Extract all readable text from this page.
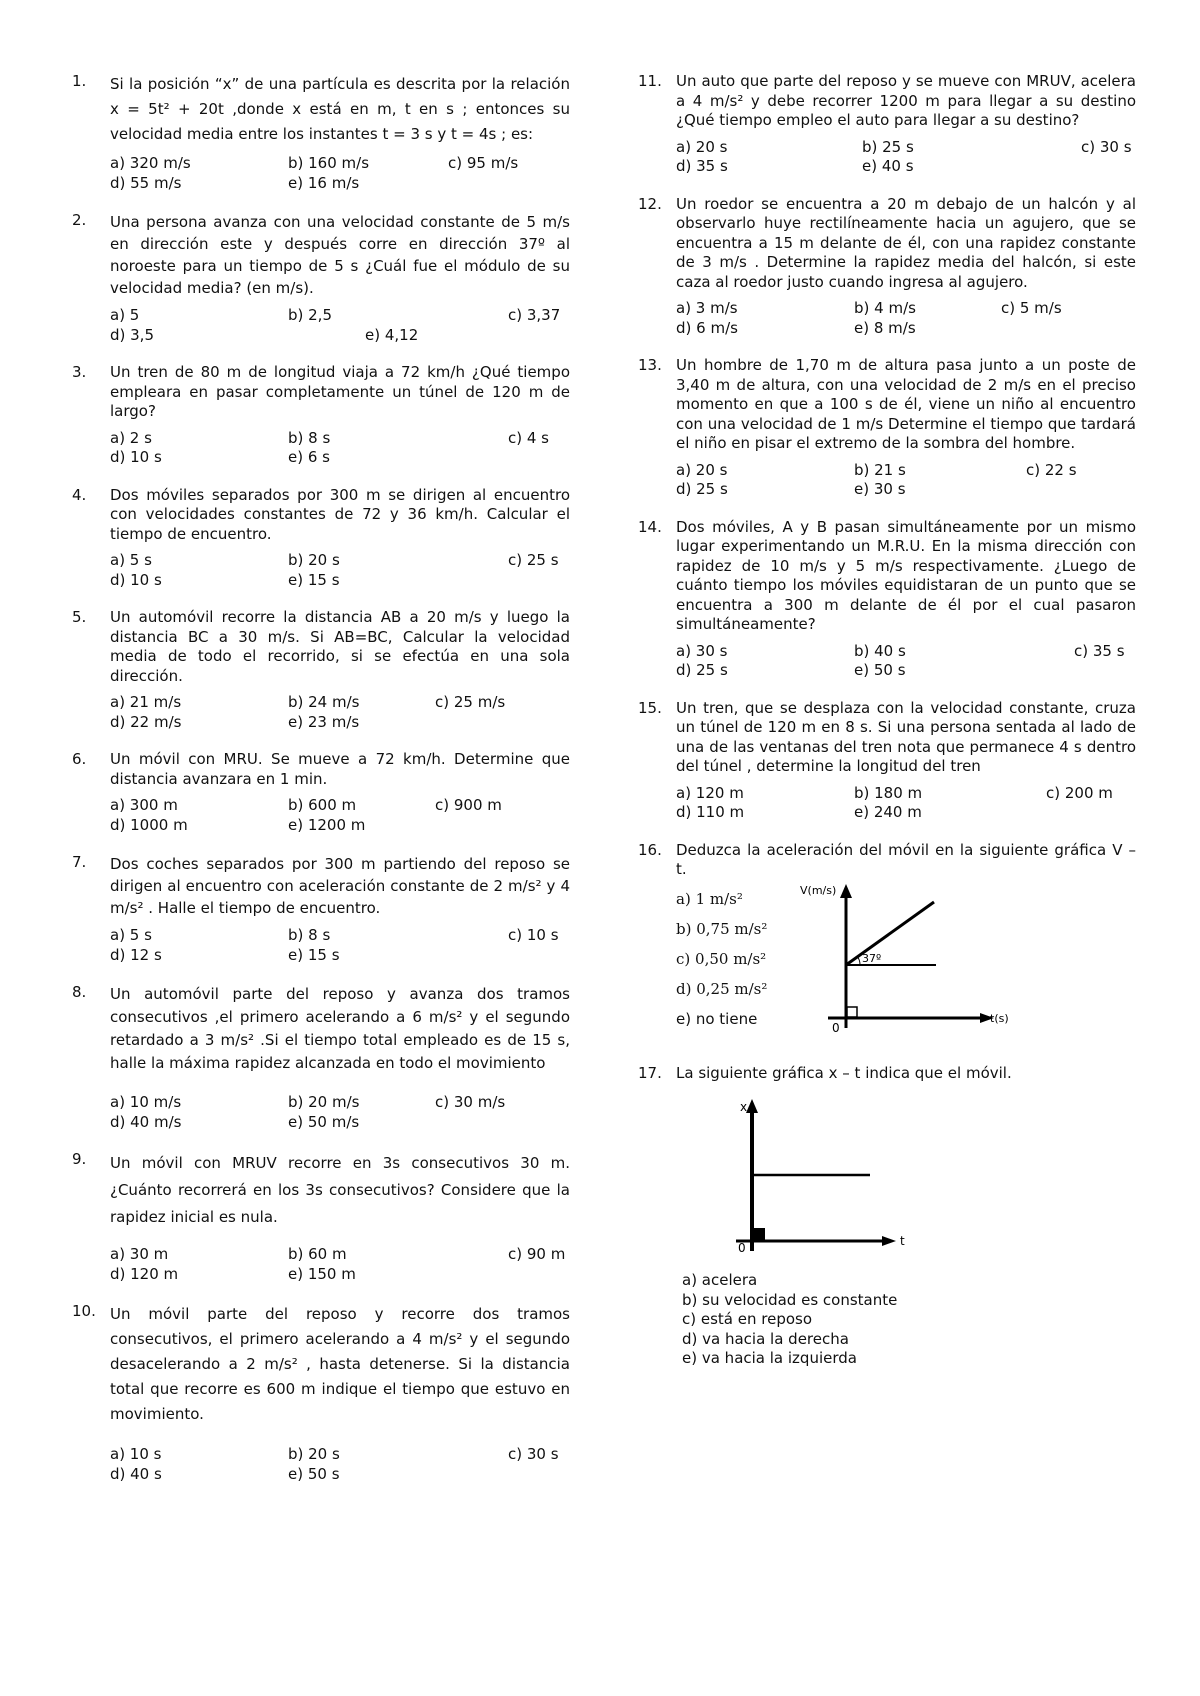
1. Si la posición “x” de una partícula es descrita por la relación x = 5t² + 20t ,donde x está en m, t en s ; entonces su velocidad media entre los instantes t = 3 s y t = 4s ; es:
a) 320 m/s	b) 160 m/s	c) 95 m/s
d) 55 m/s	e) 16 m/s
2. Una persona avanza con una velocidad constante de 5 m/s en dirección este y después corre en dirección 37º al noroeste para un tiempo de 5 s ¿Cuál fue el módulo de su velocidad media? (en m/s).
a) 5	b) 2,5	c) 3,37
d) 3,5	e) 4,12
3. Un tren de 80 m de longitud viaja a 72 km/h ¿Qué tiempo empleara en pasar completamente un túnel de 120 m de largo?
a) 2 s	b) 8 s	c) 4 s
d) 10 s	e) 6 s
4. Dos móviles separados por 300 m se dirigen al encuentro con velocidades constantes de 72 y 36 km/h. Calcular el tiempo de encuentro.
a) 5 s	b) 20 s	c) 25 s
d) 10 s	e) 15 s
5. Un automóvil recorre la distancia AB a 20 m/s y luego la distancia BC a 30 m/s. Si AB=BC, Calcular la velocidad media de todo el recorrido, si se efectúa en una sola dirección.
a) 21 m/s	b) 24 m/s	c) 25 m/s
d) 22 m/s	e) 23 m/s
6. Un móvil con MRU. Se mueve a 72 km/h. Determine que distancia avanzara en 1 min.
a) 300 m	b) 600 m	c) 900 m
d) 1000 m	e) 1200 m
7. Dos coches separados por 300 m partiendo del reposo se dirigen al encuentro con aceleración constante de 2 m/s² y 4 m/s² . Halle el tiempo de encuentro.
a) 5 s	b) 8 s	c) 10 s
d) 12 s	e) 15 s
8. Un automóvil parte del reposo y avanza dos tramos consecutivos ,el primero acelerando a 6 m/s² y el segundo retardado a 3 m/s² .Si el tiempo total empleado es de 15 s, halle la máxima rapidez alcanzada en todo el movimiento
a) 10 m/s	b) 20 m/s	c) 30 m/s
d) 40 m/s	e) 50 m/s
9. Un móvil con MRUV recorre en 3s consecutivos 30 m. ¿Cuánto recorrerá en los 3s consecutivos? Considere que la rapidez inicial es nula.
a) 30 m	b) 60 m	c) 90 m
d) 120 m	e) 150 m
10. Un móvil parte del reposo y recorre dos tramos consecutivos, el primero acelerando a 4 m/s² y el segundo desacelerando a 2 m/s² , hasta detenerse. Si la distancia total que recorre es 600 m indique el tiempo que estuvo en movimiento.
a) 10 s	b) 20 s	c) 30 s
d) 40 s	e) 50 s
11. Un auto que parte del reposo y se mueve con MRUV, acelera a 4 m/s² y debe recorrer 1200 m para llegar a su destino ¿Qué tiempo empleo el auto para llegar a su destino?
a) 20 s	b) 25 s	c) 30 s
d) 35 s	e) 40 s
12. Un roedor se encuentra a 20 m debajo de un halcón y al observarlo huye rectilíneamente hacia un agujero, que se encuentra a 15 m delante de él, con una rapidez constante de 3 m/s . Determine la rapidez media del halcón, si este caza al roedor justo cuando ingresa al agujero.
a) 3 m/s	b) 4 m/s	c) 5 m/s
d) 6 m/s	e) 8 m/s
13. Un hombre de 1,70 m de altura pasa junto a un poste de 3,40 m de altura, con una velocidad de 2 m/s en el preciso momento en que a 100 s de él, viene un niño al encuentro con una velocidad de 1 m/s Determine el tiempo que tardará el niño en pisar el extremo de la sombra del hombre.
a) 20 s	b) 21 s	c) 22 s
d) 25 s	e) 30 s
14. Dos móviles, A y B pasan simultáneamente por un mismo lugar experimentando un M.R.U. En la misma dirección con rapidez de 10 m/s y 5 m/s respectivamente. ¿Luego de cuánto tiempo los móviles equidistaran de un punto que se encuentra a 300 m delante de él por el cual pasaron simultáneamente?
a) 30 s	b) 40 s	c) 35 s
d) 25 s	e) 50 s
15. Un tren, que se desplaza con la velocidad constante, cruza un túnel de 120 m en 8 s. Si una persona sentada al lado de una de las ventanas del tren nota que permanece 4 s dentro del túnel , determine la longitud del tren
a) 120 m	b) 180 m	c) 200 m
d) 110 m	e) 240 m
16. Deduzca la aceleración del móvil en la siguiente gráfica V – t.
a) 1 m/s²
b) 0,75 m/s²
c) 0,50 m/s²
d) 0,25 m/s²
e) no tiene
V(m/s)
t(s)
0
37º
17. La siguiente gráfica x – t indica que el móvil.
x
t
0
a) acelera
b) su velocidad es constante
c) está en reposo
d) va hacia la derecha
e) va hacia la izquierda
